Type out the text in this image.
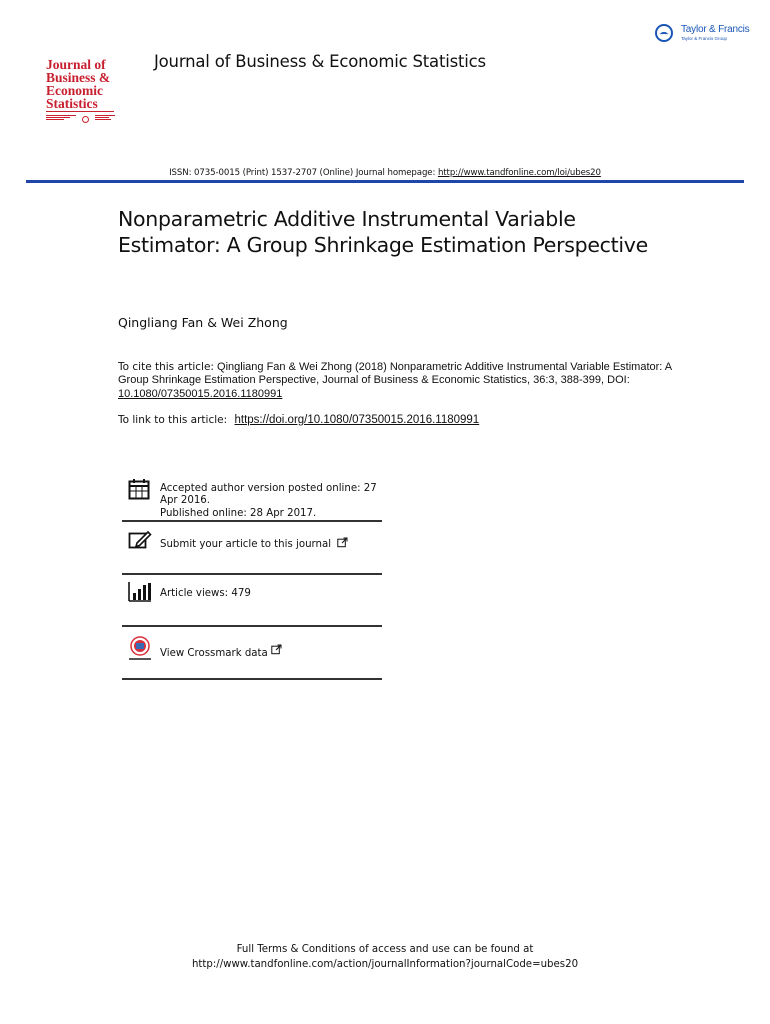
Taylor & Francis
Taylor & Francis Group
Journal of
Business &
Economic
Statistics
Journal of Business & Economic Statistics
ISSN: 0735-0015 (Print) 1537-2707 (Online) Journal homepage: http://www.tandfonline.com/loi/ubes20
Nonparametric Additive Instrumental Variable Estimator: A Group Shrinkage Estimation Perspective
Qingliang Fan & Wei Zhong
To cite this article: Qingliang Fan & Wei Zhong (2018) Nonparametric Additive Instrumental Variable Estimator: A Group Shrinkage Estimation Perspective, Journal of Business & Economic Statistics, 36:3, 388-399, DOI: 10.1080/07350015.2016.1180991
To link to this article: https://doi.org/10.1080/07350015.2016.1180991
Accepted author version posted online: 27 Apr 2016.
Published online: 28 Apr 2017.
Submit your article to this journal
Article views: 479
View Crossmark data
Full Terms & Conditions of access and use can be found at
http://www.tandfonline.com/action/journalInformation?journalCode=ubes20
